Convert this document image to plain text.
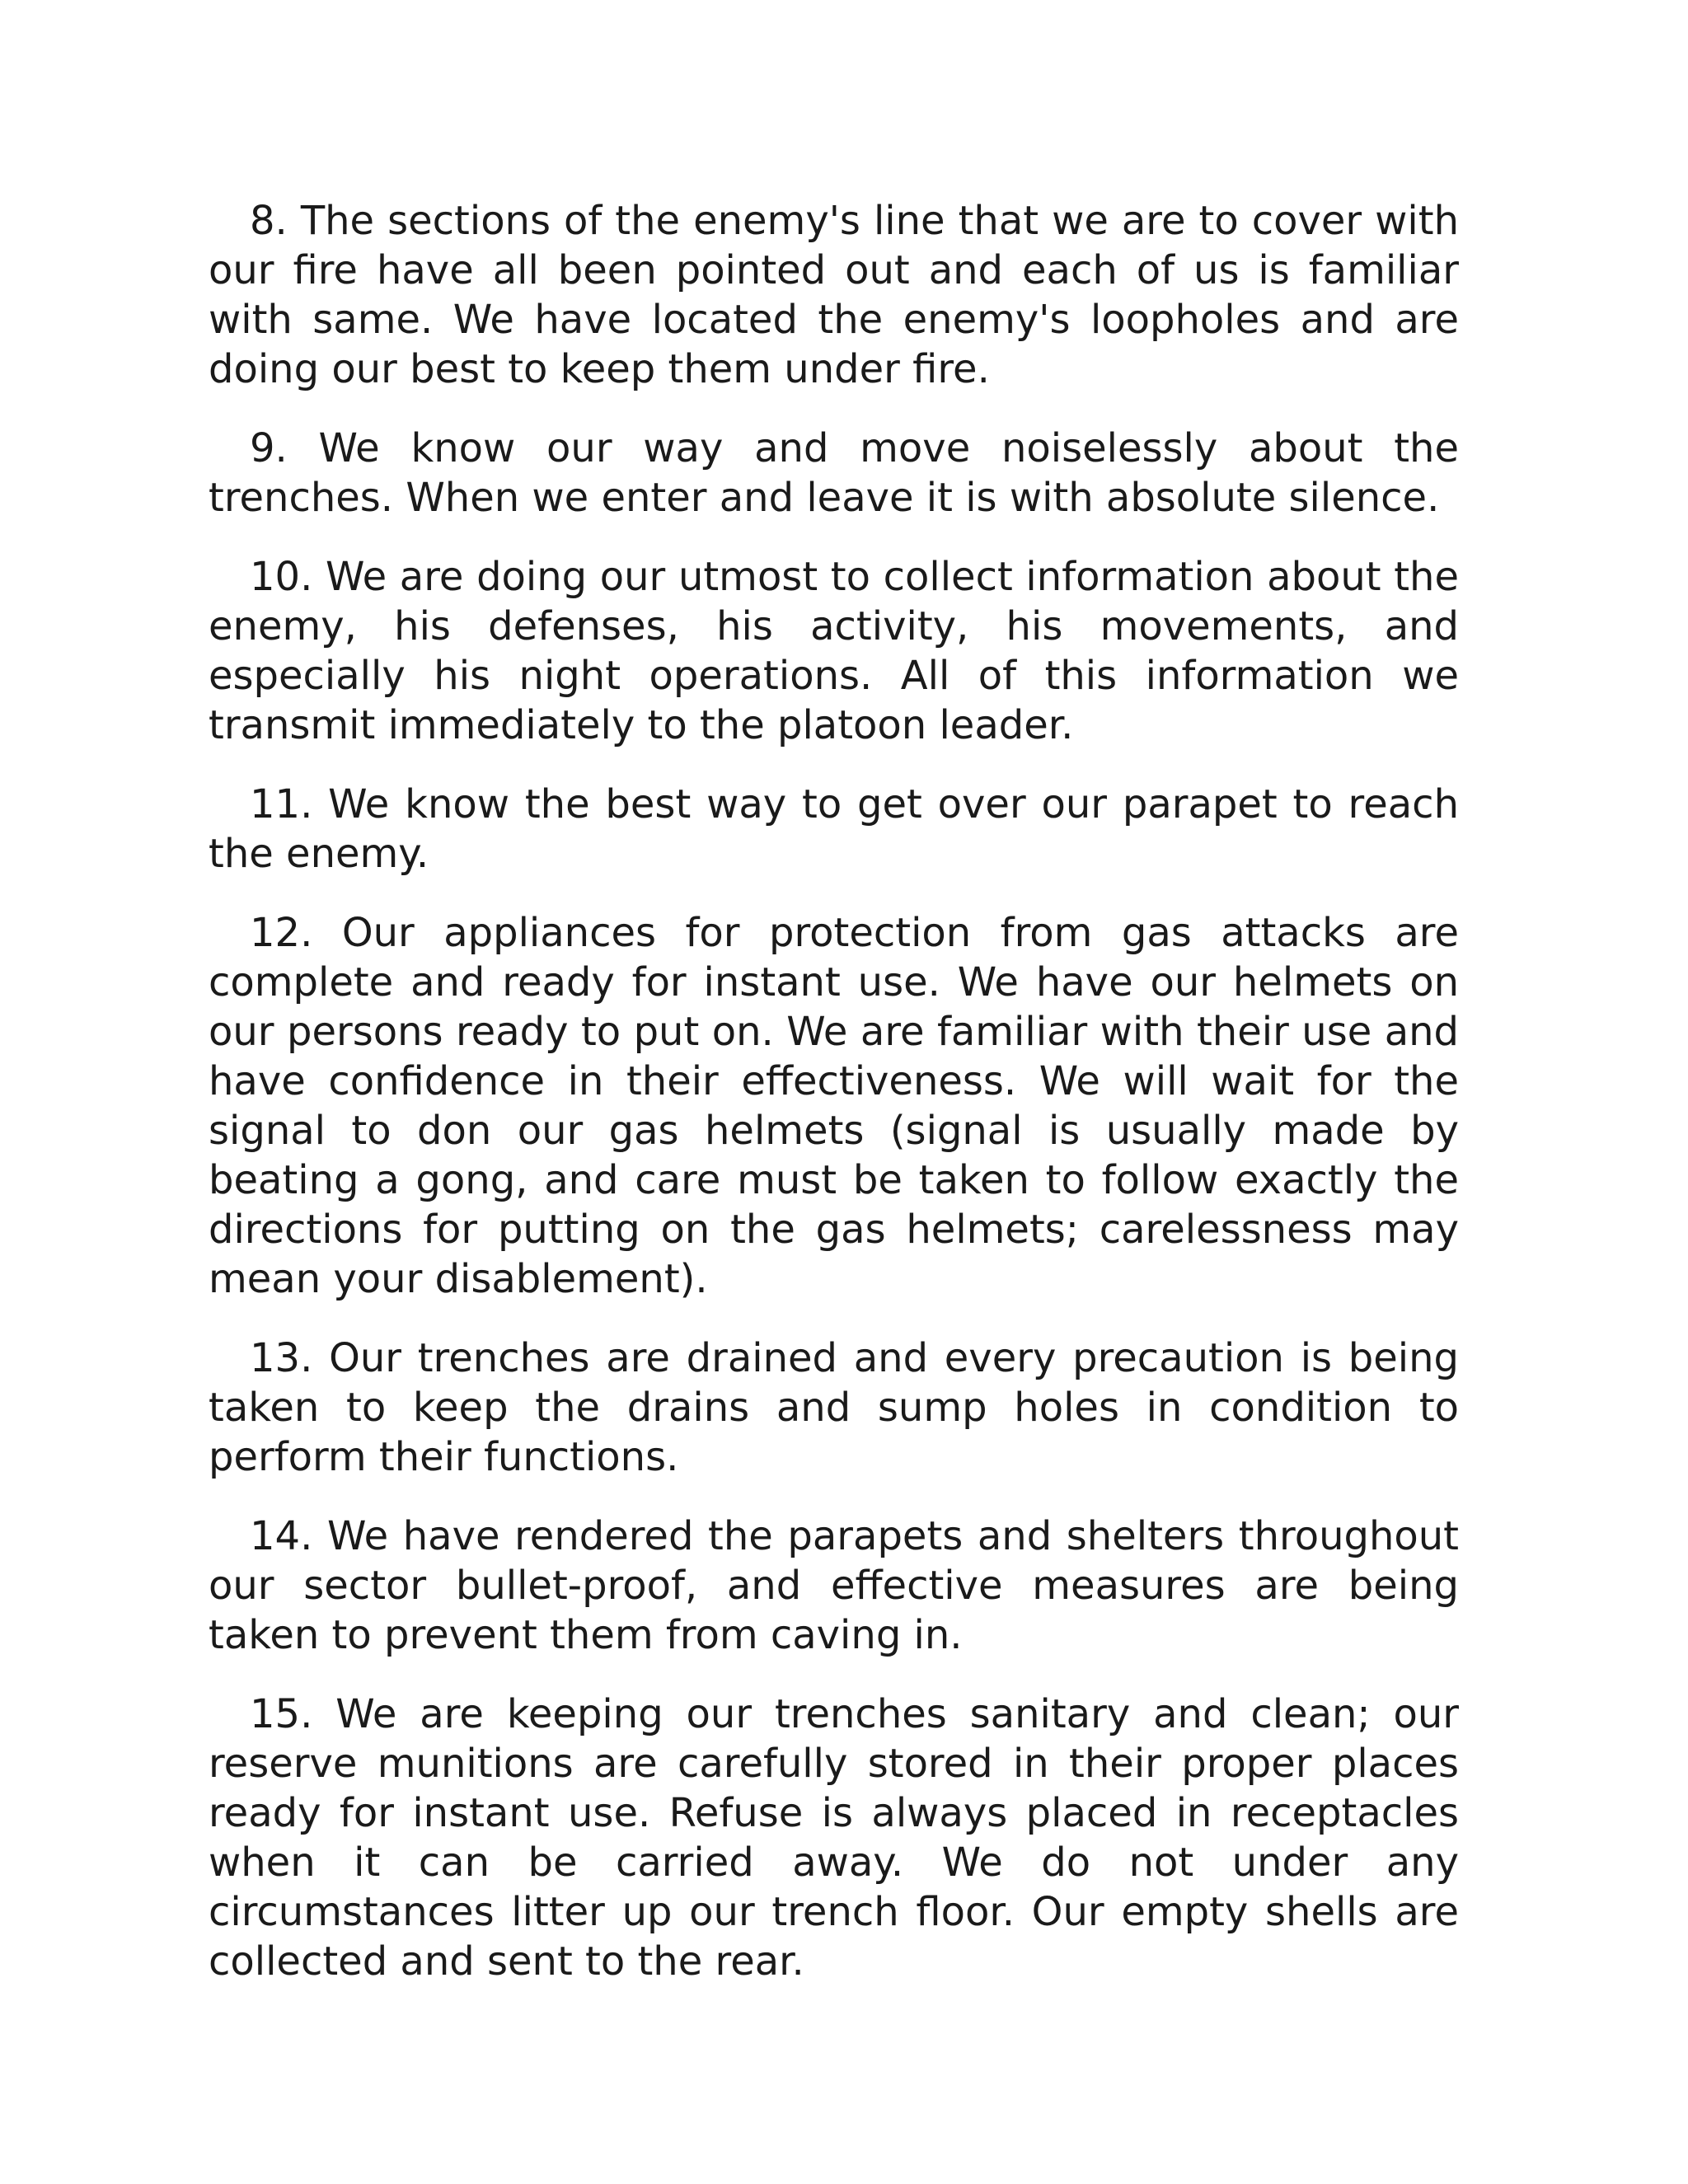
8. The sections of the enemy's line that we are to cover with our fire have all been pointed out and each of us is familiar with same. We have located the enemy's loopholes and are doing our best to keep them under fire.

9. We know our way and move noiselessly about the trenches. When we enter and leave it is with absolute silence.

10. We are doing our utmost to collect information about the enemy, his defenses, his activity, his movements, and especially his night operations. All of this information we transmit immediately to the platoon leader.

11. We know the best way to get over our parapet to reach the enemy.

12. Our appliances for protection from gas attacks are complete and ready for instant use. We have our helmets on our persons ready to put on. We are familiar with their use and have confidence in their effectiveness. We will wait for the signal to don our gas helmets (signal is usually made by beating a gong, and care must be taken to follow exactly the directions for putting on the gas helmets; carelessness may mean your disablement).

13. Our trenches are drained and every precaution is being taken to keep the drains and sump holes in condition to perform their functions.

14. We have rendered the parapets and shelters throughout our sector bullet-proof, and effective measures are being taken to prevent them from caving in.

15. We are keeping our trenches sanitary and clean; our reserve munitions are carefully stored in their proper places ready for instant use. Refuse is always placed in receptacles when it can be carried away. We do not under any circumstances litter up our trench floor. Our empty shells are collected and sent to the rear.
